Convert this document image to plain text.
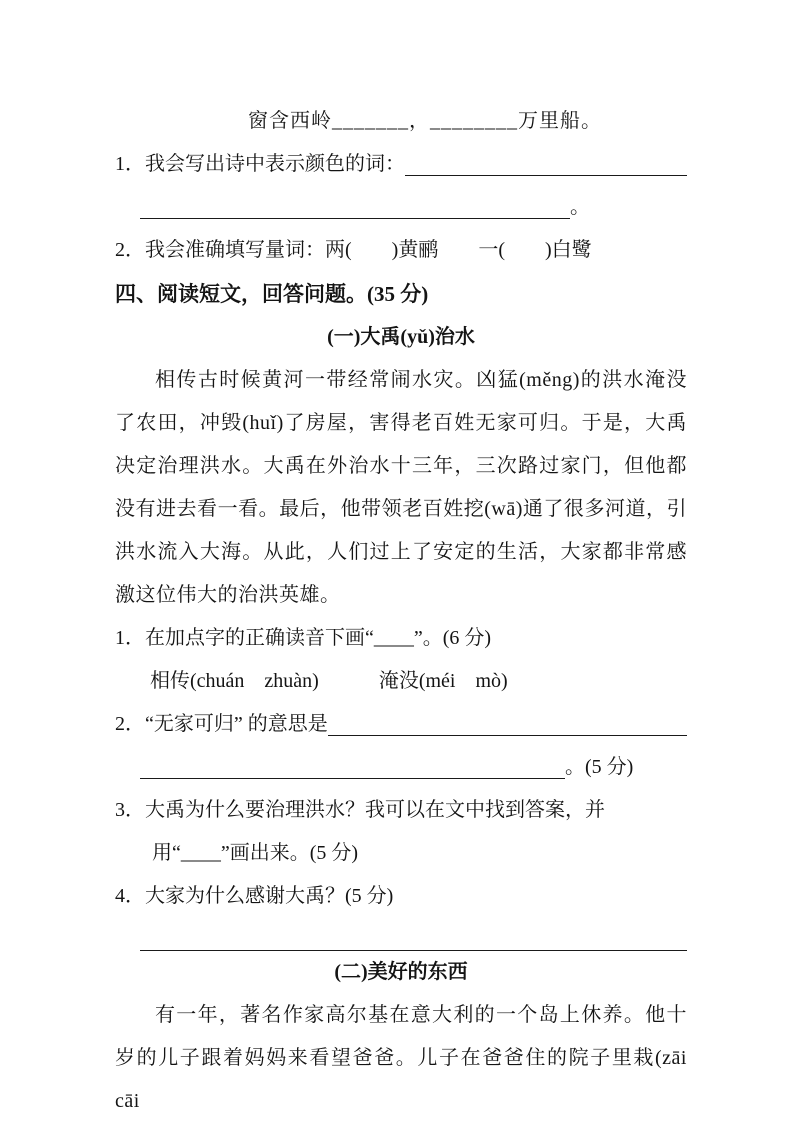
窗含西岭_______，________万里船。
1．我会写出诗中表示颜色的词：
。
2．我会准确填写量词：两(　　)黄鹂　　一(　　)白鹭
四、阅读短文，回答问题。(35 分)
(一)大禹(yǔ)治水

相传古时候黄河一带经常闹水灾。凶猛(měng)的洪水淹没了农田，冲毁(huǐ)了房屋，害得老百姓无家可归。于是，大禹决定治理洪水。大禹在外治水十三年，三次路过家门，但他都没有进去看一看。最后，他带领老百姓挖(wā)通了很多河道，引洪水流入大海。从此，人们过上了安定的生活，大家都非常感激这位伟大的治洪英雄。

1．在加点字的正确读音下画“____”。(6 分)
相传(chuán　zhuàn)　　　淹没(méi　mò)
2．“无家可归” 的意思是
。(5 分)
3．大禹为什么要治理洪水？我可以在文中找到答案，并用“____”画出来。(5 分)
4．大家为什么感谢大禹？(5 分)
(二)美好的东西

有一年，著名作家高尔基在意大利的一个岛上休养。他十岁的儿子跟着妈妈来看望爸爸。儿子在爸爸住的院子里栽(zāi　cāi
